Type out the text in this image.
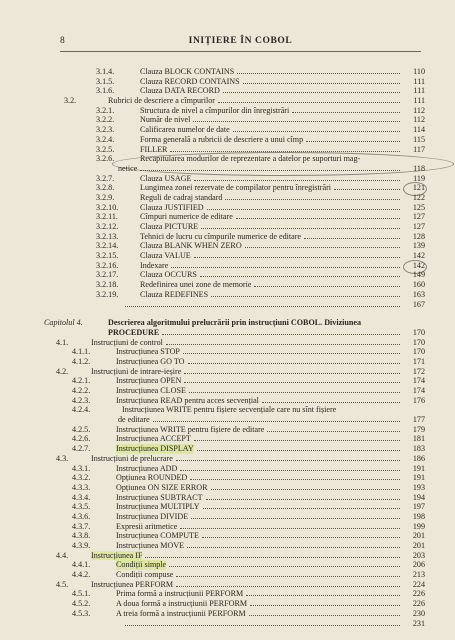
8	INIȚIERE ÎN COBOL
3.1.4.	Clauza BLOCK CONTAINS	110
3.1.5.	Clauza RECORD CONTAINS	111
3.1.6.	Clauza DATA RECORD	111
3.2.	Rubrici de descriere a cîmpurilor	111
3.2.1.	Structura de nivel a cîmpurilor din înregistrări	112
3.2.2.	Număr de nivel	112
3.2.3.	Calificarea numelor de date	114
3.2.4.	Forma generală a rubricii de descriere a unui cîmp	115
3.2.5.	FILLER	117
3.2.6.	Recapitularea modurilor de reprezentare a datelor pe suporturi mag-
netice	118
3.2.7.	Clauza USAGE	119
3.2.8.	Lungimea zonei rezervate de compilator pentru înregistrări	121
3.2.9.	Reguli de cadraj standard	122
3.2.10.	Clauza JUSTIFIED	125
3.2.11.	Cîmpuri numerice de editare	127
3.2.12.	Clauza PICTURE	127
3.2.13.	Tehnici de lucru cu cîmpurile numerice de editare	128
3.2.14.	Clauza BLANK WHEN ZERO	139
3.2.15.	Clauza VALUE	142
3.2.16.	Indexare	142
3.2.17.	Clauza OCCURS	149
3.2.18.	Redefinirea unei zone de memorie	160
3.2.19.	Clauza REDEFINES	163
167
Capitolul 4.	Descrierea algoritmului prelucrării prin instrucțiuni COBOL. Diviziunea
PROCEDURE	170
4.1.	Instrucțiuni de control	170
4.1.1.	Instrucțiunea STOP	170
4.1.2.	Instrucțiunea GO TO	171
4.2.	Instrucțiuni de intrare-ieșire	172
4.2.1.	Instrucțiunea OPEN	174
4.2.2.	Instrucțiunea CLOSE	174
4.2.3.	Instrucțiunea READ pentru acces secvențial	176
4.2.4.	Instrucțiunea WRITE pentru fișiere secvențiale care nu sînt fișiere
de editare	177
4.2.5.	Instrucțiunea WRITE pentru fișiere de editare	179
4.2.6.	Instrucțiunea ACCEPT	181
4.2.7.	Instrucțiunea DISPLAY	183
4.3.	Instrucțiuni de prelucrare	186
4.3.1.	Instrucțiunea ADD	191
4.3.2.	Opțiunea ROUNDED	191
4.3.3.	Opțiunea ON SIZE ERROR	193
4.3.4.	Instrucțiunea SUBTRACT	194
4.3.5.	Instrucțiunea MULTIPLY	197
4.3.6.	Instrucțiunea DIVIDE	198
4.3.7.	Expresii aritmetice	199
4.3.8.	Instrucțiunea COMPUTE	201
4.3.9.	Instrucțiunea MOVE	201
4.4.	Instrucțiunea IF	203
4.4.1.	Condiții simple	206
4.4.2.	Condiții compuse	213
4.5.	Instrucțiunea PERFORM	224
4.5.1.	Prima formă a instrucțiunii PERFORM	226
4.5.2.	A doua formă a instrucțiunii PERFORM	226
4.5.3.	A treia formă a instrucțiunii PERFORM	230
231
